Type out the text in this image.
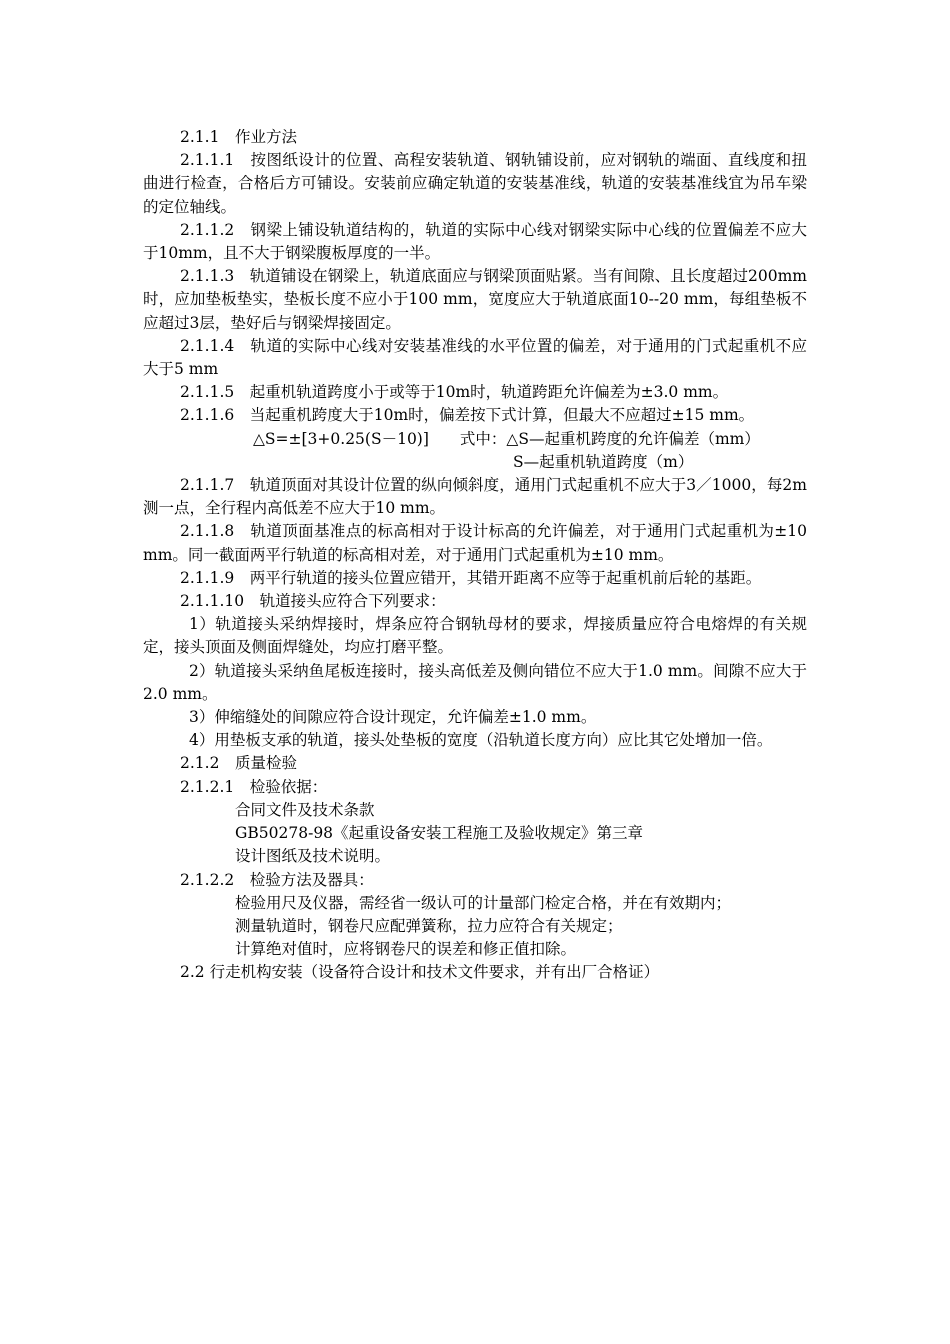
2.1.1　作业方法

2.1.1.1　按图纸设计的位置、高程安装轨道、钢轨铺设前，应对钢轨的端面、直线度和扭曲进行检查，合格后方可铺设。安装前应确定轨道的安装基准线，轨道的安装基准线宜为吊车梁的定位轴线。

2.1.1.2　钢梁上铺设轨道结构的，轨道的实际中心线对钢梁实际中心线的位置偏差不应大于10mm，且不大于钢梁腹板厚度的一半。

2.1.1.3　轨道铺设在钢梁上，轨道底面应与钢梁顶面贴紧。当有间隙、且长度超过200mm时，应加垫板垫实，垫板长度不应小于100 mm，宽度应大于轨道底面10--20 mm，每组垫板不应超过3层，垫好后与钢梁焊接固定。

2.1.1.4　轨道的实际中心线对安装基准线的水平位置的偏差，对于通用的门式起重机不应大于5 mm

2.1.1.5　起重机轨道跨度小于或等于10m时，轨道跨距允许偏差为±3.0 mm。

2.1.1.6　当起重机跨度大于10m时，偏差按下式计算，但最大不应超过±15 mm。

△S=±[3+0.25(S－10)]　　式中：△S—起重机跨度的允许偏差（mm）

S—起重机轨道跨度（m）

2.1.1.7　轨道顶面对其设计位置的纵向倾斜度，通用门式起重机不应大于3／1000，每2m测一点，全行程内高低差不应大于10 mm。

2.1.1.8　轨道顶面基准点的标高相对于设计标高的允许偏差，对于通用门式起重机为±10 mm。同一截面两平行轨道的标高相对差，对于通用门式起重机为±10 mm。

2.1.1.9　两平行轨道的接头位置应错开，其错开距离不应等于起重机前后轮的基距。

2.1.1.10　轨道接头应符合下列要求：

1）轨道接头采纳焊接时，焊条应符合钢轨母材的要求，焊接质量应符合电熔焊的有关规定，接头顶面及侧面焊缝处，均应打磨平整。

2）轨道接头采纳鱼尾板连接时，接头高低差及侧向错位不应大于1.0 mm。间隙不应大于2.0 mm。

3）伸缩缝处的间隙应符合设计现定，允许偏差±1.0 mm。

4）用垫板支承的轨道，接头处垫板的宽度（沿轨道长度方向）应比其它处增加一倍。

2.1.2　质量检验

2.1.2.1　检验依据：

合同文件及技术条款

GB50278-98《起重设备安装工程施工及验收规定》第三章

设计图纸及技术说明。

2.1.2.2　检验方法及器具：

检验用尺及仪器，需经省一级认可的计量部门检定合格，并在有效期内；

测量轨道时，钢卷尺应配弹簧称，拉力应符合有关规定；

计算绝对值时，应将钢卷尺的误差和修正值扣除。

2.2 行走机构安装（设备符合设计和技术文件要求，并有出厂合格证）
